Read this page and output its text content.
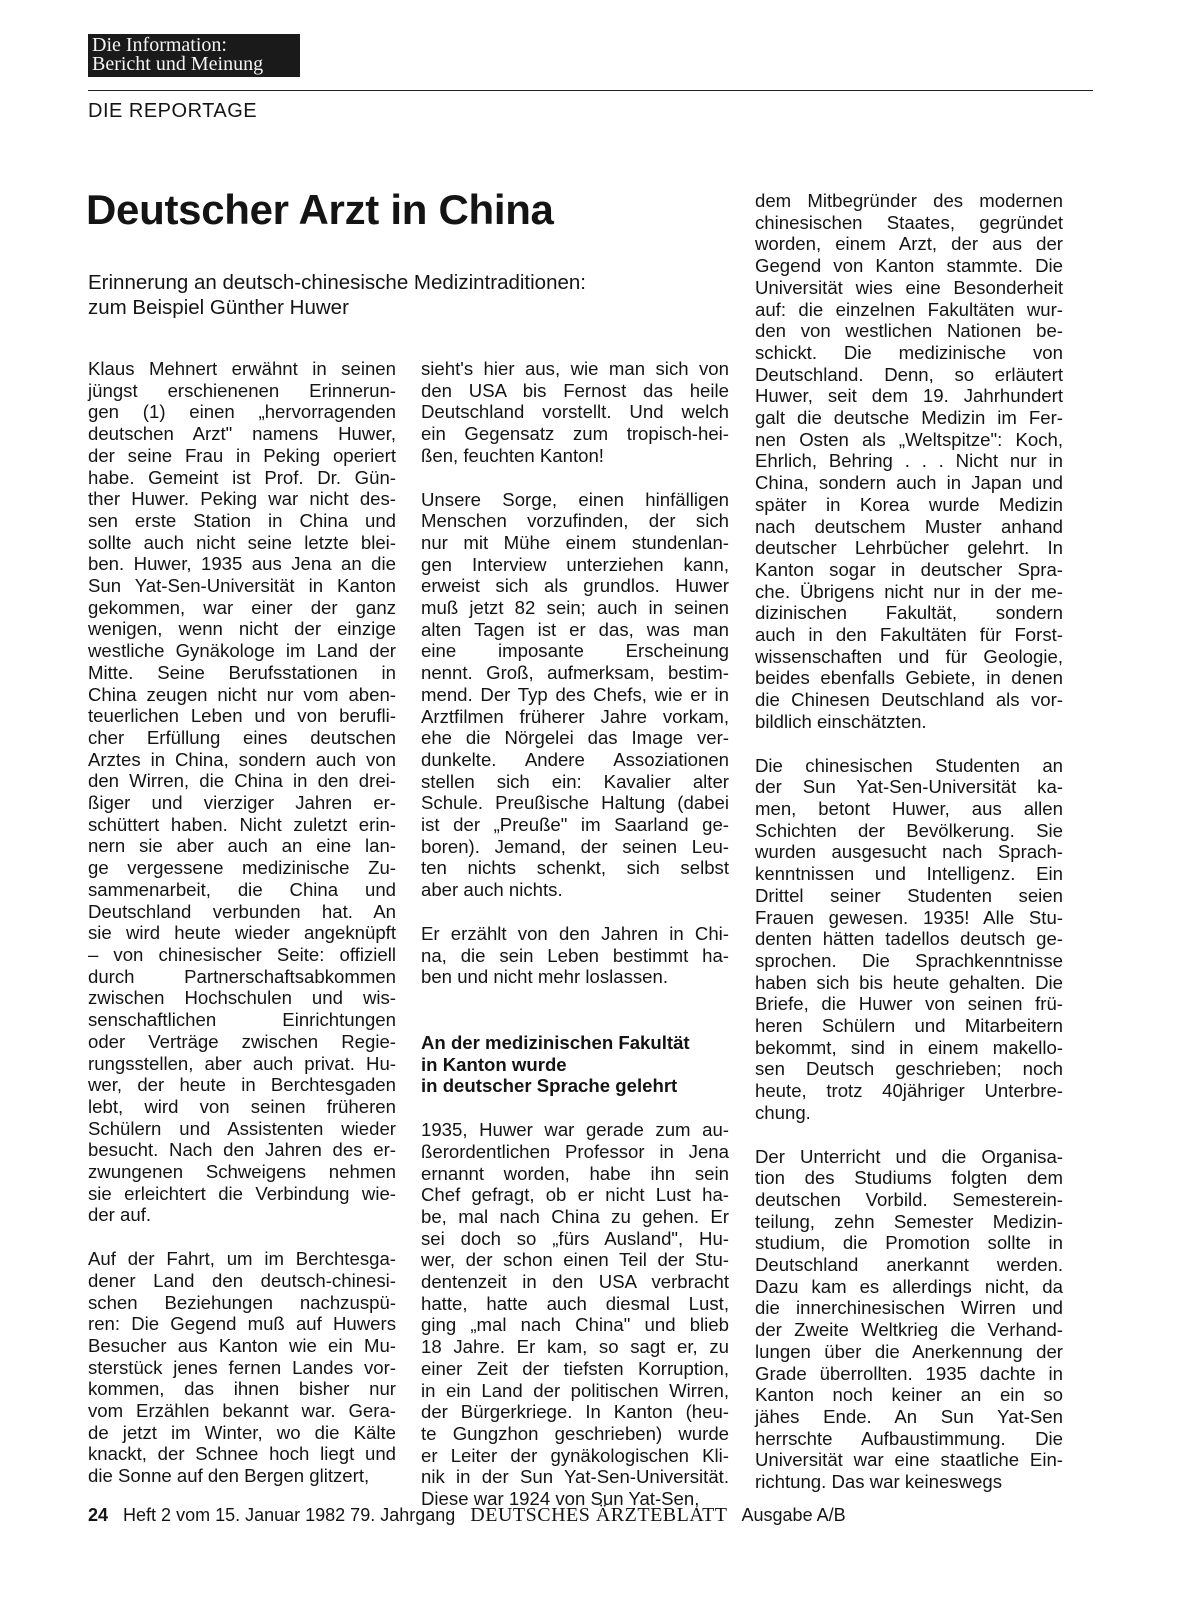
Die Information:
Bericht und Meinung
DIE REPORTAGE
Deutscher Arzt in China
Erinnerung an deutsch-chinesische Medizintraditionen:
zum Beispiel Günther Huwer
Klaus Mehnert erwähnt in seinen
jüngst erschienenen Erinnerun-
gen (1) einen „hervorragenden
deutschen Arzt" namens Huwer,
der seine Frau in Peking operiert
habe. Gemeint ist Prof. Dr. Gün-
ther Huwer. Peking war nicht des-
sen erste Station in China und
sollte auch nicht seine letzte blei-
ben. Huwer, 1935 aus Jena an die
Sun Yat-Sen-Universität in Kanton
gekommen, war einer der ganz
wenigen, wenn nicht der einzige
westliche Gynäkologe im Land der
Mitte. Seine Berufsstationen in
China zeugen nicht nur vom aben-
teuerlichen Leben und von berufli-
cher Erfüllung eines deutschen
Arztes in China, sondern auch von
den Wirren, die China in den drei-
ßiger und vierziger Jahren er-
schüttert haben. Nicht zuletzt erin-
nern sie aber auch an eine lan-
ge vergessene medizinische Zu-
sammenarbeit, die China und
Deutschland verbunden hat. An
sie wird heute wieder angeknüpft
– von chinesischer Seite: offiziell
durch Partnerschaftsabkommen
zwischen Hochschulen und wis-
senschaftlichen Einrichtungen
oder Verträge zwischen Regie-
rungsstellen, aber auch privat. Hu-
wer, der heute in Berchtesgaden
lebt, wird von seinen früheren
Schülern und Assistenten wieder
besucht. Nach den Jahren des er-
zwungenen Schweigens nehmen
sie erleichtert die Verbindung wie-
der auf.
Auf der Fahrt, um im Berchtesga-
dener Land den deutsch-chinesi-
schen Beziehungen nachzuspü-
ren: Die Gegend muß auf Huwers
Besucher aus Kanton wie ein Mu-
sterstück jenes fernen Landes vor-
kommen, das ihnen bisher nur
vom Erzählen bekannt war. Gera-
de jetzt im Winter, wo die Kälte
knackt, der Schnee hoch liegt und
die Sonne auf den Bergen glitzert,
sieht's hier aus, wie man sich von
den USA bis Fernost das heile
Deutschland vorstellt. Und welch
ein Gegensatz zum tropisch-hei-
ßen, feuchten Kanton!
Unsere Sorge, einen hinfälligen
Menschen vorzufinden, der sich
nur mit Mühe einem stundenlan-
gen Interview unterziehen kann,
erweist sich als grundlos. Huwer
muß jetzt 82 sein; auch in seinen
alten Tagen ist er das, was man
eine imposante Erscheinung
nennt. Groß, aufmerksam, bestim-
mend. Der Typ des Chefs, wie er in
Arztfilmen früherer Jahre vorkam,
ehe die Nörgelei das Image ver-
dunkelte. Andere Assoziationen
stellen sich ein: Kavalier alter
Schule. Preußische Haltung (dabei
ist der „Preuße" im Saarland ge-
boren). Jemand, der seinen Leu-
ten nichts schenkt, sich selbst
aber auch nichts.
Er erzählt von den Jahren in Chi-
na, die sein Leben bestimmt ha-
ben und nicht mehr loslassen.
An der medizinischen Fakultät
in Kanton wurde
in deutscher Sprache gelehrt
1935, Huwer war gerade zum au-
ßerordentlichen Professor in Jena
ernannt worden, habe ihn sein
Chef gefragt, ob er nicht Lust ha-
be, mal nach China zu gehen. Er
sei doch so „fürs Ausland", Hu-
wer, der schon einen Teil der Stu-
dentenzeit in den USA verbracht
hatte, hatte auch diesmal Lust,
ging „mal nach China" und blieb
18 Jahre. Er kam, so sagt er, zu
einer Zeit der tiefsten Korruption,
in ein Land der politischen Wirren,
der Bürgerkriege. In Kanton (heu-
te Gungzhon geschrieben) wurde
er Leiter der gynäkologischen Kli-
nik in der Sun Yat-Sen-Universität.
Diese war 1924 von Sun Yat-Sen,
dem Mitbegründer des modernen
chinesischen Staates, gegründet
worden, einem Arzt, der aus der
Gegend von Kanton stammte. Die
Universität wies eine Besonderheit
auf: die einzelnen Fakultäten wur-
den von westlichen Nationen be-
schickt. Die medizinische von
Deutschland. Denn, so erläutert
Huwer, seit dem 19. Jahrhundert
galt die deutsche Medizin im Fer-
nen Osten als „Weltspitze": Koch,
Ehrlich, Behring . . . Nicht nur in
China, sondern auch in Japan und
später in Korea wurde Medizin
nach deutschem Muster anhand
deutscher Lehrbücher gelehrt. In
Kanton sogar in deutscher Spra-
che. Übrigens nicht nur in der me-
dizinischen Fakultät, sondern
auch in den Fakultäten für Forst-
wissenschaften und für Geologie,
beides ebenfalls Gebiete, in denen
die Chinesen Deutschland als vor-
bildlich einschätzten.
Die chinesischen Studenten an
der Sun Yat-Sen-Universität ka-
men, betont Huwer, aus allen
Schichten der Bevölkerung. Sie
wurden ausgesucht nach Sprach-
kenntnissen und Intelligenz. Ein
Drittel seiner Studenten seien
Frauen gewesen. 1935! Alle Stu-
denten hätten tadellos deutsch ge-
sprochen. Die Sprachkenntnisse
haben sich bis heute gehalten. Die
Briefe, die Huwer von seinen frü-
heren Schülern und Mitarbeitern
bekommt, sind in einem makello-
sen Deutsch geschrieben; noch
heute, trotz 40jähriger Unterbre-
chung.
Der Unterricht und die Organisa-
tion des Studiums folgten dem
deutschen Vorbild. Semesterein-
teilung, zehn Semester Medizin-
studium, die Promotion sollte in
Deutschland anerkannt werden.
Dazu kam es allerdings nicht, da
die innerchinesischen Wirren und
der Zweite Weltkrieg die Verhand-
lungen über die Anerkennung der
Grade überrollten. 1935 dachte in
Kanton noch keiner an ein so
jähes Ende. An Sun Yat-Sen
herrschte Aufbaustimmung. Die
Universität war eine staatliche Ein-
richtung. Das war keineswegs
24 Heft 2 vom 15. Januar 1982 79. Jahrgang DEUTSCHES ÄRZTEBLATT Ausgabe A/B
